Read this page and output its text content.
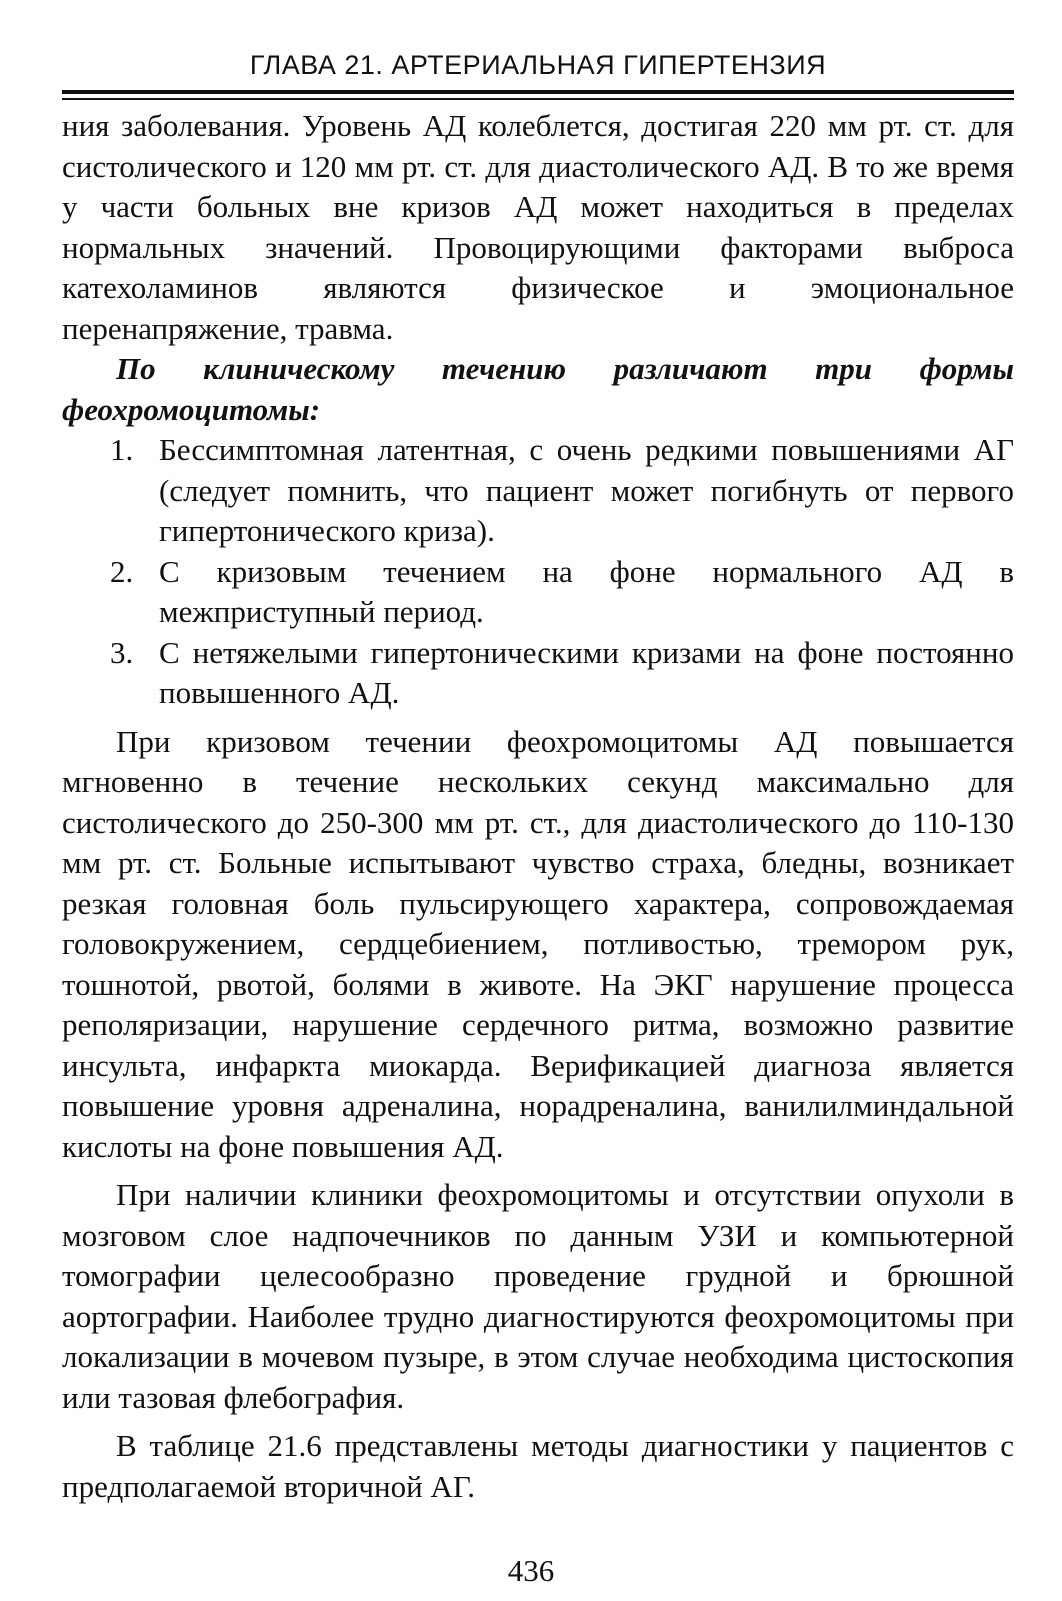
ГЛАВА 21. АРТЕРИАЛЬНАЯ ГИПЕРТЕНЗИЯ

ния заболевания. Уровень АД колеблется, достигая 220 мм рт. ст. для систолического и 120 мм рт. ст. для диастолического АД. В то же время у части больных вне кризов АД может находиться в пределах нормальных значений. Провоцирующими факторами выброса катехоламинов являются физическое и эмоциональное перенапряжение, травма.

По клиническому течению различают три формы феохромоцитомы:

1. Бессимптомная латентная, с очень редкими повышениями АГ (следует помнить, что пациент может погибнуть от первого гипертонического криза).
2. С кризовым течением на фоне нормального АД в межприступный период.
3. С нетяжелыми гипертоническими кризами на фоне постоянно повышенного АД.

При кризовом течении феохромоцитомы АД повышается мгновенно в течение нескольких секунд максимально для систолического до 250-300 мм рт. ст., для диастолического до 110-130 мм рт. ст. Больные испытывают чувство страха, бледны, возникает резкая головная боль пульсирующего характера, сопровождаемая головокружением, сердцебиением, потливостью, тремором рук, тошнотой, рвотой, болями в животе. На ЭКГ нарушение процесса реполяризации, нарушение сердечного ритма, возможно развитие инсульта, инфаркта миокарда. Верификацией диагноза является повышение уровня адреналина, норадреналина, ванилилминдальной кислоты на фоне повышения АД.

При наличии клиники феохромоцитомы и отсутствии опухоли в мозговом слое надпочечников по данным УЗИ и компьютерной томографии целесообразно проведение грудной и брюшной аортографии. Наиболее трудно диагностируются феохромоцитомы при локализации в мочевом пузыре, в этом случае необходима цистоскопия или тазовая флебография.

В таблице 21.6 представлены методы диагностики у пациентов с предполагаемой вторичной АГ.

436
